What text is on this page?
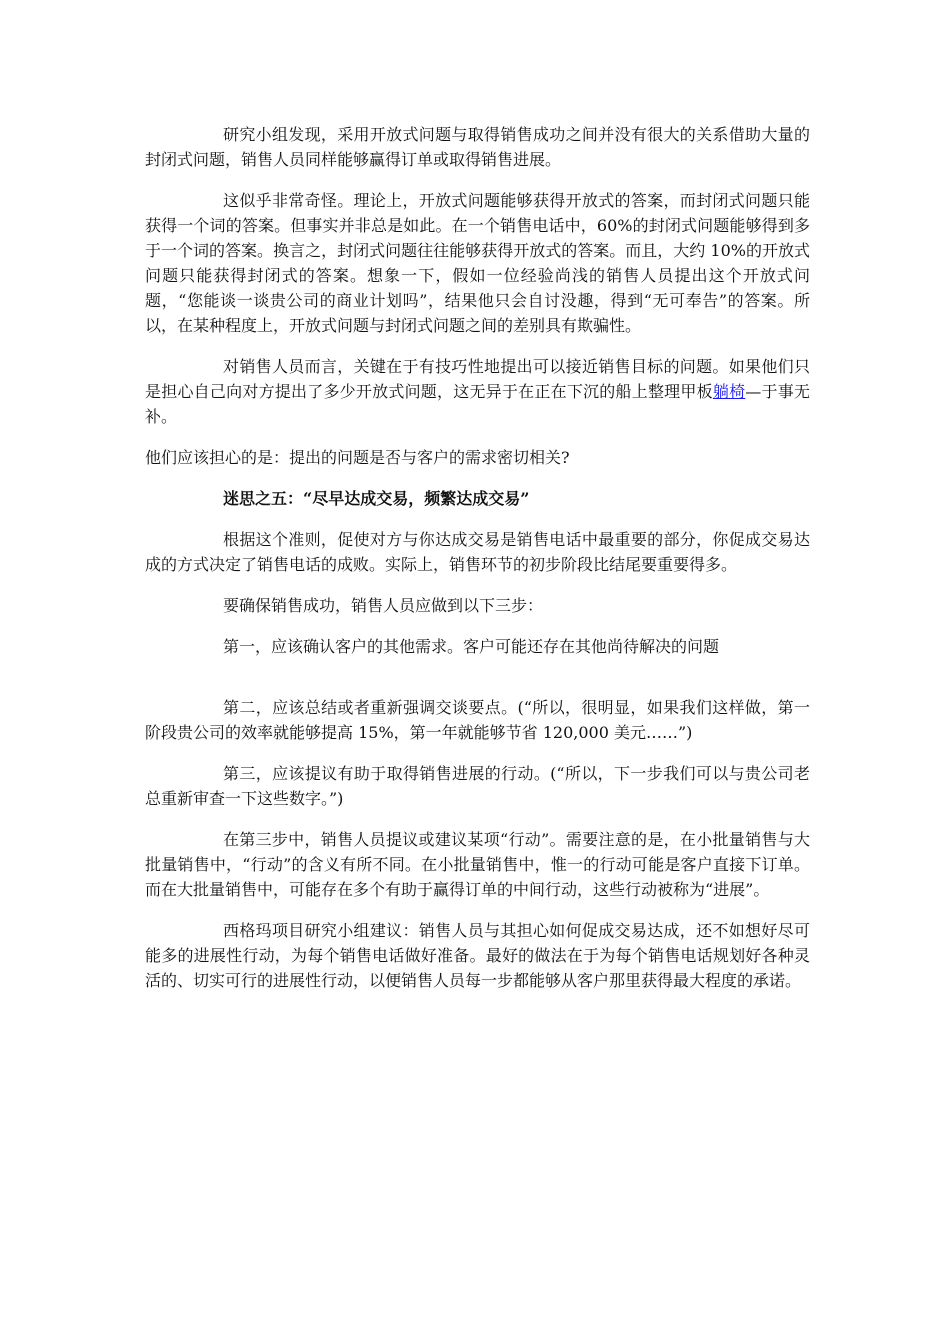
研究小组发现，采用开放式问题与取得销售成功之间并没有很大的关系借助大量的封闭式问题，销售人员同样能够赢得订单或取得销售进展。

这似乎非常奇怪。理论上，开放式问题能够获得开放式的答案，而封闭式问题只能获得一个词的答案。但事实并非总是如此。在一个销售电话中，60%的封闭式问题能够得到多于一个词的答案。换言之，封闭式问题往往能够获得开放式的答案。而且，大约 10%的开放式问题只能获得封闭式的答案。想象一下，假如一位经验尚浅的销售人员提出这个开放式问题，“您能谈一谈贵公司的商业计划吗”，结果他只会自讨没趣，得到“无可奉告”的答案。所以，在某种程度上，开放式问题与封闭式问题之间的差别具有欺骗性。

对销售人员而言，关键在于有技巧性地提出可以接近销售目标的问题。如果他们只是担心自己向对方提出了多少开放式问题，这无异于在正在下沉的船上整理甲板躺椅—于事无补。

他们应该担心的是：提出的问题是否与客户的需求密切相关?

迷思之五：“尽早达成交易，频繁达成交易”

根据这个准则，促使对方与你达成交易是销售电话中最重要的部分，你促成交易达成的方式决定了销售电话的成败。实际上，销售环节的初步阶段比结尾要重要得多。

要确保销售成功，销售人员应做到以下三步：

第一，应该确认客户的其他需求。客户可能还存在其他尚待解决的问题

第二，应该总结或者重新强调交谈要点。(“所以，很明显，如果我们这样做，第一阶段贵公司的效率就能够提高 15%，第一年就能够节省 120,000 美元……”)

第三，应该提议有助于取得销售进展的行动。(“所以，下一步我们可以与贵公司老总重新审查一下这些数字。”)

在第三步中，销售人员提议或建议某项“行动”。需要注意的是，在小批量销售与大批量销售中，“行动”的含义有所不同。在小批量销售中，惟一的行动可能是客户直接下订单。而在大批量销售中，可能存在多个有助于赢得订单的中间行动，这些行动被称为“进展”。

西格玛项目研究小组建议：销售人员与其担心如何促成交易达成，还不如想好尽可能多的进展性行动，为每个销售电话做好准备。最好的做法在于为每个销售电话规划好各种灵活的、切实可行的进展性行动，以便销售人员每一步都能够从客户那里获得最大程度的承诺。
